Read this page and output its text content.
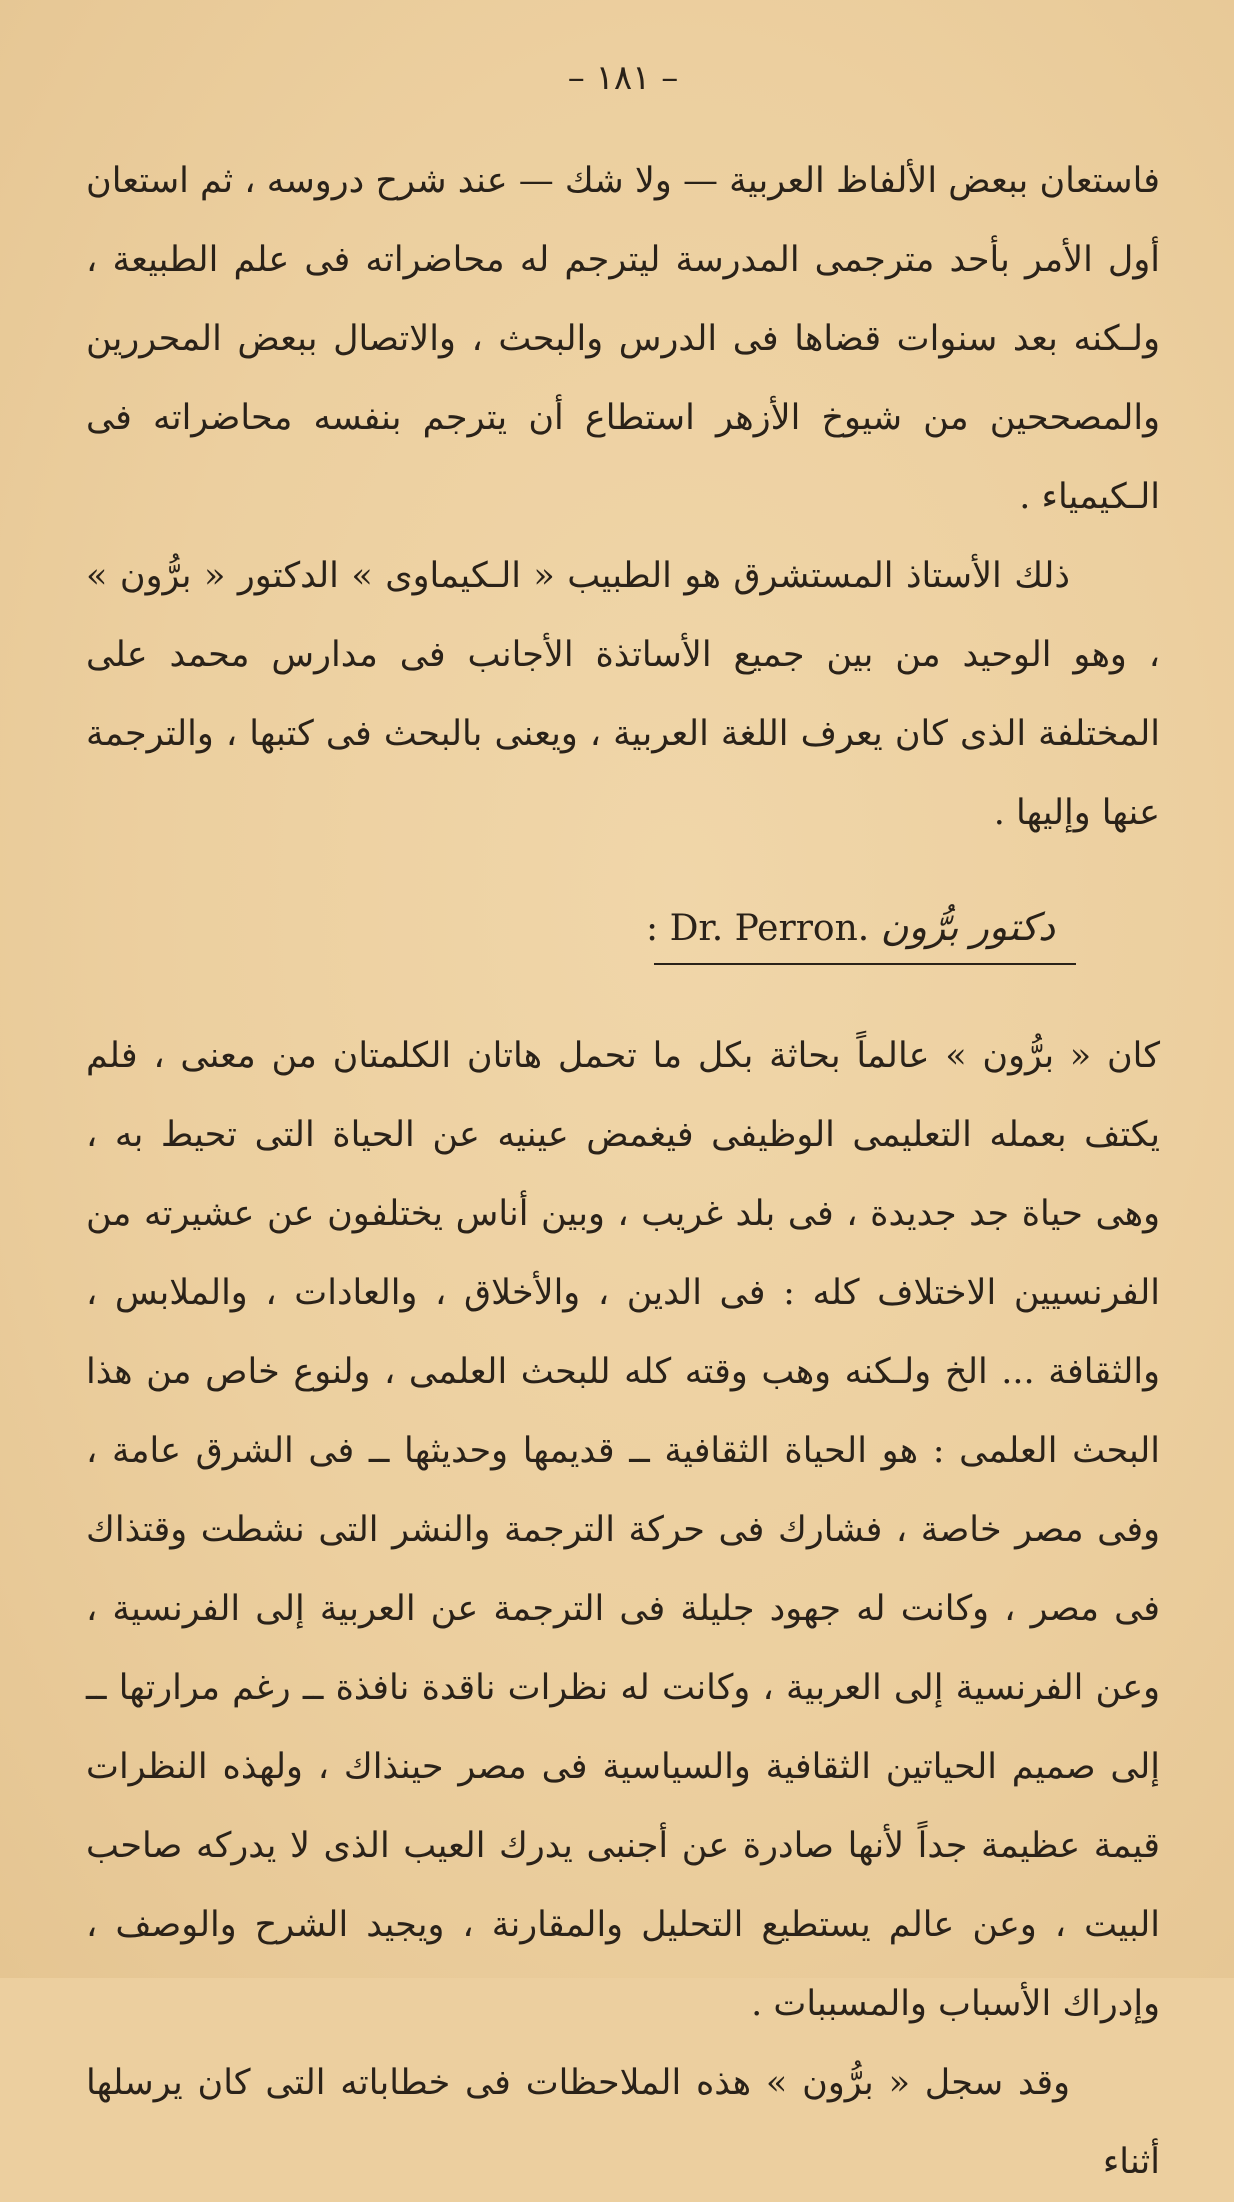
– ١٨١ –

فاستعان ببعض الألفاظ العربية — ولا شك — عند شرح دروسه ، ثم استعان أول الأمر بأحد مترجمى المدرسة ليترجم له محاضراته فى علم الطبيعة ، ولـكنه بعد سنوات قضاها فى الدرس والبحث ، والاتصال ببعض المحررين والمصححين من شيوخ الأزهر استطاع أن يترجم بنفسه محاضراته فى الـكيمياء .

ذلك الأستاذ المستشرق هو الطبيب « الـكيماوى » الدكتور « برُّون » ، وهو الوحيد من بين جميع الأساتذة الأجانب فى مدارس محمد على المختلفة الذى كان يعرف اللغة العربية ، ويعنى بالبحث فى كتبها ، والترجمة عنها وإليها .

: Dr. Perron. دكتور برُّون

كان « برُّون » عالماً بحاثة بكل ما تحمل هاتان الكلمتان من معنى ، فلم يكتف بعمله التعليمى الوظيفى فيغمض عينيه عن الحياة التى تحيط به ، وهى حياة جد جديدة ، فى بلد غريب ، وبين أناس يختلفون عن عشيرته من الفرنسيين الاختلاف كله : فى الدين ، والأخلاق ، والعادات ، والملابس ، والثقافة ... الخ ولـكنه وهب وقته كله للبحث العلمى ، ولنوع خاص من هذا البحث العلمى : هو الحياة الثقافية ــ قديمها وحديثها ــ فى الشرق عامة ، وفى مصر خاصة ، فشارك فى حركة الترجمة والنشر التى نشطت وقتذاك فى مصر ، وكانت له جهود جليلة فى الترجمة عن العربية إلى الفرنسية ، وعن الفرنسية إلى العربية ، وكانت له نظرات ناقدة نافذة ــ رغم مرارتها ــ إلى صميم الحياتين الثقافية والسياسية فى مصر حينذاك ، ولهذه النظرات قيمة عظيمة جداً لأنها صادرة عن أجنبى يدرك العيب الذى لا يدركه صاحب البيت ، وعن عالم يستطيع التحليل والمقارنة ، ويجيد الشرح والوصف ، وإدراك الأسباب والمسببات .

وقد سجل « برُّون » هذه الملاحظات فى خطاباته التى كان يرسلها أثناء
